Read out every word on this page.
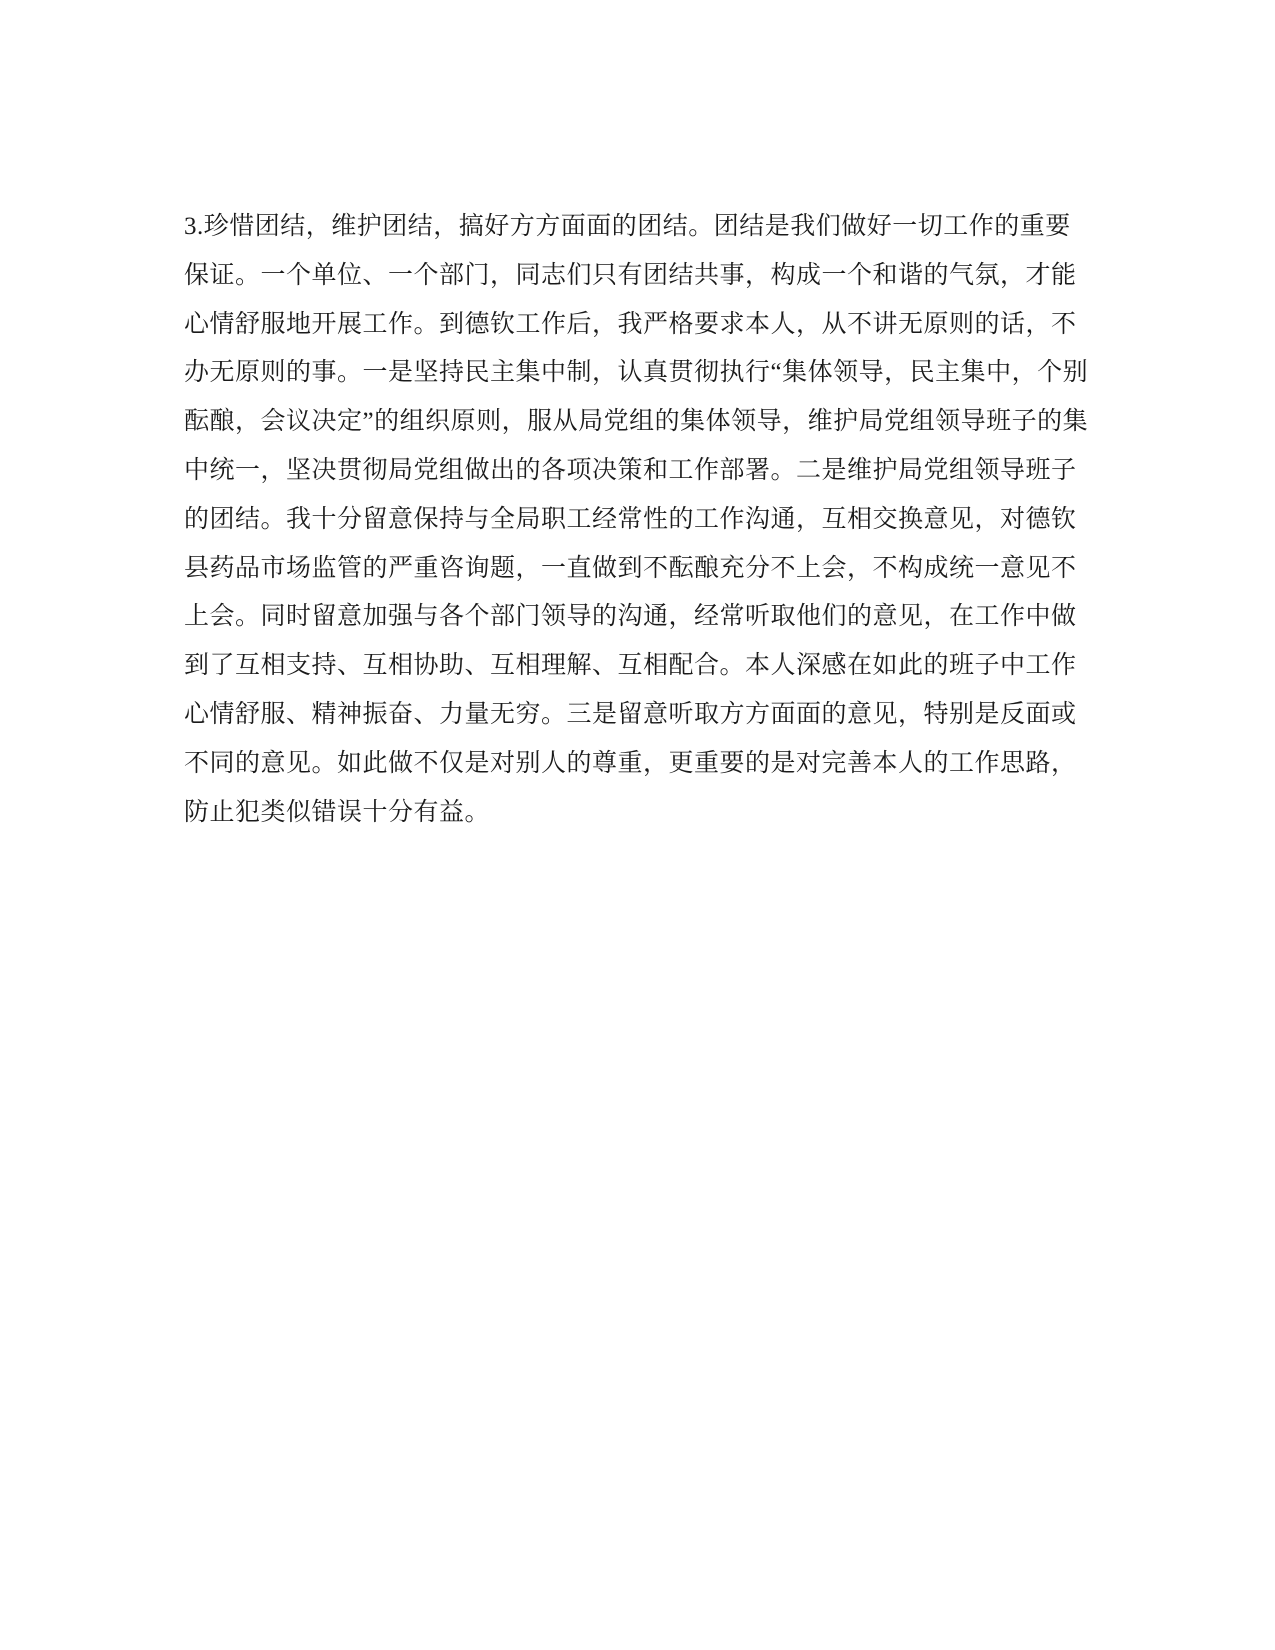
3.珍惜团结，维护团结，搞好方方面面的团结。团结是我们做好一切工作的重要
保证。一个单位、一个部门，同志们只有团结共事，构成一个和谐的气氛，才能
心情舒服地开展工作。到德钦工作后，我严格要求本人，从不讲无原则的话，不
办无原则的事。一是坚持民主集中制，认真贯彻执行“集体领导，民主集中，个别
酝酿，会议决定”的组织原则，服从局党组的集体领导，维护局党组领导班子的集
中统一，坚决贯彻局党组做出的各项决策和工作部署。二是维护局党组领导班子
的团结。我十分留意保持与全局职工经常性的工作沟通，互相交换意见，对德钦
县药品市场监管的严重咨询题，一直做到不酝酿充分不上会，不构成统一意见不
上会。同时留意加强与各个部门领导的沟通，经常听取他们的意见，在工作中做
到了互相支持、互相协助、互相理解、互相配合。本人深感在如此的班子中工作
心情舒服、精神振奋、力量无穷。三是留意听取方方面面的意见，特别是反面或
不同的意见。如此做不仅是对别人的尊重，更重要的是对完善本人的工作思路，
防止犯类似错误十分有益。
